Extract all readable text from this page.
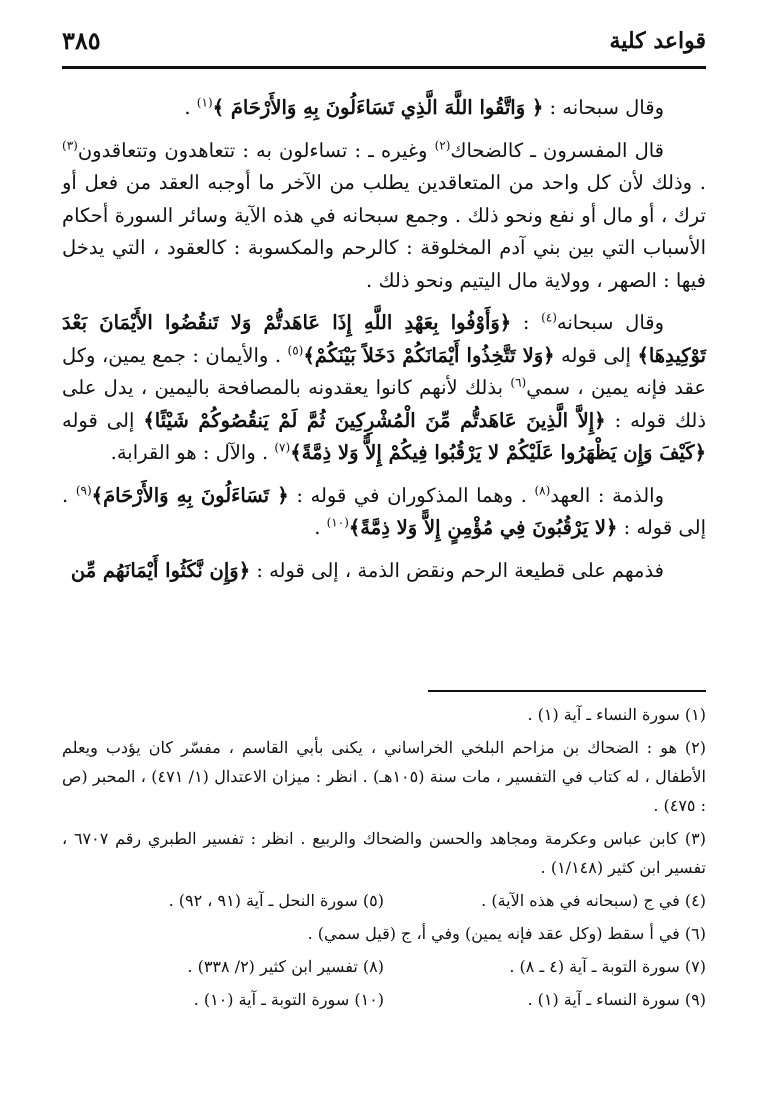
قواعد كلية
٣٨٥

وقال سبحانه : ﴿ وَاتَّقُوا اللَّهَ الَّذِي تَسَاءَلُونَ بِهِ وَالأَرْحَامَ ﴾$^{(١)}$ .

قال المفسرون ـ كالضحاك$^{(٢)}$ وغيره ـ : تساءلون به : تتعاهدون وتتعاقدون$^{(٣)}$ . وذلك لأن كل واحد من المتعاقدين يطلب من الآخر ما أوجبه العقد من فعل أو ترك ، أو مال أو نفع ونحو ذلك . وجمع سبحانه في هذه الآية وسائر السورة أحكام الأسباب التي بين بني آدم المخلوقة : كالرحم والمكسوبة : كالعقود ، التي يدخل فيها : الصهر ، وولاية مال اليتيم ونحو ذلك .

وقال سبحانه$^{(٤)}$ : ﴿وَأَوْفُوا بِعَهْدِ اللَّهِ إِذَا عَاهَدتُّمْ وَلا تَنقُضُوا الأَيْمَانَ بَعْدَ تَوْكِيدِهَا﴾ إلى قوله ﴿وَلا تَتَّخِذُوا أَيْمَانَكُمْ دَخَلاً بَيْنَكُمْ﴾$^{(٥)}$ . والأيمان : جمع يمين، وكل عقد فإنه يمين ، سمي$^{(٦)}$ بذلك لأنهم كانوا يعقدونه بالمصافحة باليمين ، يدل على ذلك قوله : ﴿إِلاَّ الَّذِينَ عَاهَدتُّم مِّنَ الْمُشْرِكِينَ ثُمَّ لَمْ يَنقُصُوكُمْ شَيْئًا﴾ إلى قوله ﴿كَيْفَ وَإِن يَظْهَرُوا عَلَيْكُمْ لا يَرْقُبُوا فِيكُمْ إِلاًّ وَلا ذِمَّةً﴾$^{(٧)}$ . والآل : هو القرابة.

والذمة : العهد$^{(٨)}$ . وهما المذكوران في قوله : ﴿ تَسَاءَلُونَ بِهِ وَالأَرْحَامَ﴾$^{(٩)}$ . إلى قوله : ﴿لا يَرْقُبُونَ فِي مُؤْمِنٍ إِلاًّ وَلا ذِمَّةً﴾$^{(١٠)}$ .

فذمهم على قطيعة الرحم ونقض الذمة ، إلى قوله : ﴿وَإِن نَّكَثُوا أَيْمَانَهُم مِّن

(١) سورة النساء ـ آية (١) .
(٢) هو : الضحاك بن مزاحم البلخي الخراساني ، يكنى بأبي القاسم ، مفسّر كان يؤدب ويعلم الأطفال ، له كتاب في التفسير ، مات سنة (١٠٥هـ) . انظر : ميزان الاعتدال (١/ ٤٧١) ، المحبر (ص : ٤٧٥) .
(٣) كابن عباس وعكرمة ومجاهد والحسن والضحاك والربيع . انظر : تفسير الطبري رقم ٦٧٠٧ ، تفسير ابن كثير (١/١٤٨) .
(٤) في ج (سبحانه في هذه الآية) .
(٥) سورة النحل ـ آية (٩١ ، ٩٢) .
(٦) في أ سقط (وكل عقد فإنه يمين) وفي أ، ج (قيل سمي) .
(٧) سورة التوبة ـ آية (٤ ـ ٨) .
(٨) تفسير ابن كثير (٢/ ٣٣٨) .
(٩) سورة النساء ـ آية (١) .
(١٠) سورة التوبة ـ آية (١٠) .
